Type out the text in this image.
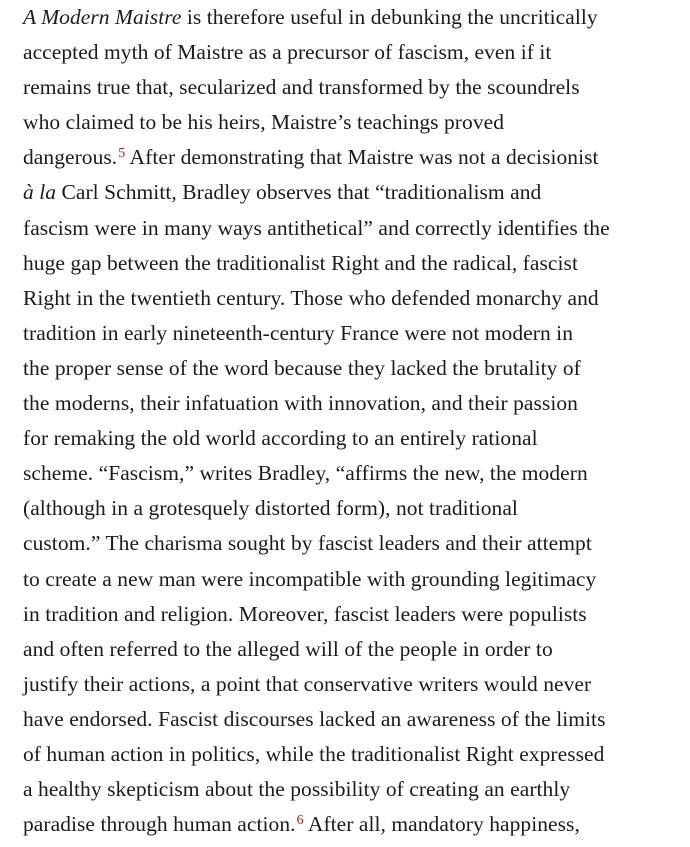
A Modern Maistre is therefore useful in debunking the uncritically
accepted myth of Maistre as a precursor of fascism, even if it
remains true that, secularized and transformed by the scoundrels
who claimed to be his heirs, Maistre’s teachings proved
dangerous.$^5$ After demonstrating that Maistre was not a decisionist
à la Carl Schmitt, Bradley observes that “traditionalism and
fascism were in many ways antithetical” and correctly identifies the
huge gap between the traditionalist Right and the radical, fascist
Right in the twentieth century. Those who defended monarchy and
tradition in early nineteenth-century France were not modern in
the proper sense of the word because they lacked the brutality of
the moderns, their infatuation with innovation, and their passion
for remaking the old world according to an entirely rational
scheme. “Fascism,” writes Bradley, “affirms the new, the modern
(although in a grotesquely distorted form), not traditional
custom.” The charisma sought by fascist leaders and their attempt
to create a new man were incompatible with grounding legitimacy
in tradition and religion. Moreover, fascist leaders were populists
and often referred to the alleged will of the people in order to
justify their actions, a point that conservative writers would never
have endorsed. Fascist discourses lacked an awareness of the limits
of human action in politics, while the traditionalist Right expressed
a healthy skepticism about the possibility of creating an earthly
paradise through human action.$^6$ After all, mandatory happiness,
